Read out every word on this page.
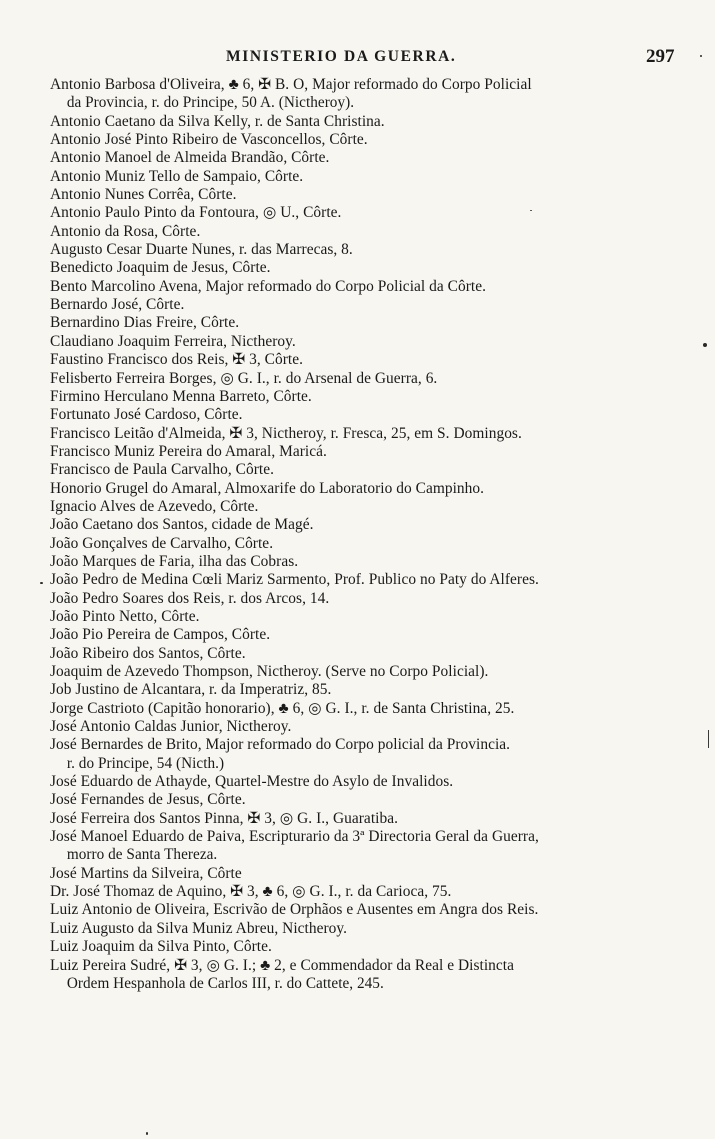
MINISTERIO DA GUERRA.	297
Antonio Barbosa d'Oliveira, ♣ 6, ✠ B. O, Major reformado do Corpo Policial
da Provincia, r. do Principe, 50 A. (Nictheroy).
Antonio Caetano da Silva Kelly, r. de Santa Christina.
Antonio José Pinto Ribeiro de Vasconcellos, Côrte.
Antonio Manoel de Almeida Brandão, Côrte.
Antonio Muniz Tello de Sampaio, Côrte.
Antonio Nunes Corrêa, Côrte.
Antonio Paulo Pinto da Fontoura, ◎ U., Côrte.
Antonio da Rosa, Côrte.
Augusto Cesar Duarte Nunes, r. das Marrecas, 8.
Benedicto Joaquim de Jesus, Côrte.
Bento Marcolino Avena, Major reformado do Corpo Policial da Côrte.
Bernardo José, Côrte.
Bernardino Dias Freire, Côrte.
Claudiano Joaquim Ferreira, Nictheroy.
Faustino Francisco dos Reis, ✠ 3, Côrte.
Felisberto Ferreira Borges, ◎ G. I., r. do Arsenal de Guerra, 6.
Firmino Herculano Menna Barreto, Côrte.
Fortunato José Cardoso, Côrte.
Francisco Leitão d'Almeida, ✠ 3, Nictheroy, r. Fresca, 25, em S. Domingos.
Francisco Muniz Pereira do Amaral, Maricá.
Francisco de Paula Carvalho, Côrte.
Honorio Grugel do Amaral, Almoxarife do Laboratorio do Campinho.
Ignacio Alves de Azevedo, Côrte.
João Caetano dos Santos, cidade de Magé.
João Gonçalves de Carvalho, Côrte.
João Marques de Faria, ilha das Cobras.
João Pedro de Medina Cœli Mariz Sarmento, Prof. Publico no Paty do Alferes.
João Pedro Soares dos Reis, r. dos Arcos, 14.
João Pinto Netto, Côrte.
João Pio Pereira de Campos, Côrte.
João Ribeiro dos Santos, Côrte.
Joaquim de Azevedo Thompson, Nictheroy. (Serve no Corpo Policial).
Job Justino de Alcantara, r. da Imperatriz, 85.
Jorge Castrioto (Capitão honorario), ♣ 6, ◎ G. I., r. de Santa Christina, 25.
José Antonio Caldas Junior, Nictheroy.
José Bernardes de Brito, Major reformado do Corpo policial da Provincia.
r. do Principe, 54 (Nicth.)
José Eduardo de Athayde, Quartel-Mestre do Asylo de Invalidos.
José Fernandes de Jesus, Côrte.
José Ferreira dos Santos Pinna, ✠ 3, ◎ G. I., Guaratiba.
José Manoel Eduardo de Paiva, Escripturario da 3ª Directoria Geral da Guerra,
morro de Santa Thereza.
José Martins da Silveira, Côrte
Dr. José Thomaz de Aquino, ✠ 3, ♣ 6, ◎ G. I., r. da Carioca, 75.
Luiz Antonio de Oliveira, Escrivão de Orphãos e Ausentes em Angra dos Reis.
Luiz Augusto da Silva Muniz Abreu, Nictheroy.
Luiz Joaquim da Silva Pinto, Côrte.
Luiz Pereira Sudré, ✠ 3, ◎ G. I.; ♣ 2, e Commendador da Real e Distincta
Ordem Hespanhola de Carlos III, r. do Cattete, 245.
